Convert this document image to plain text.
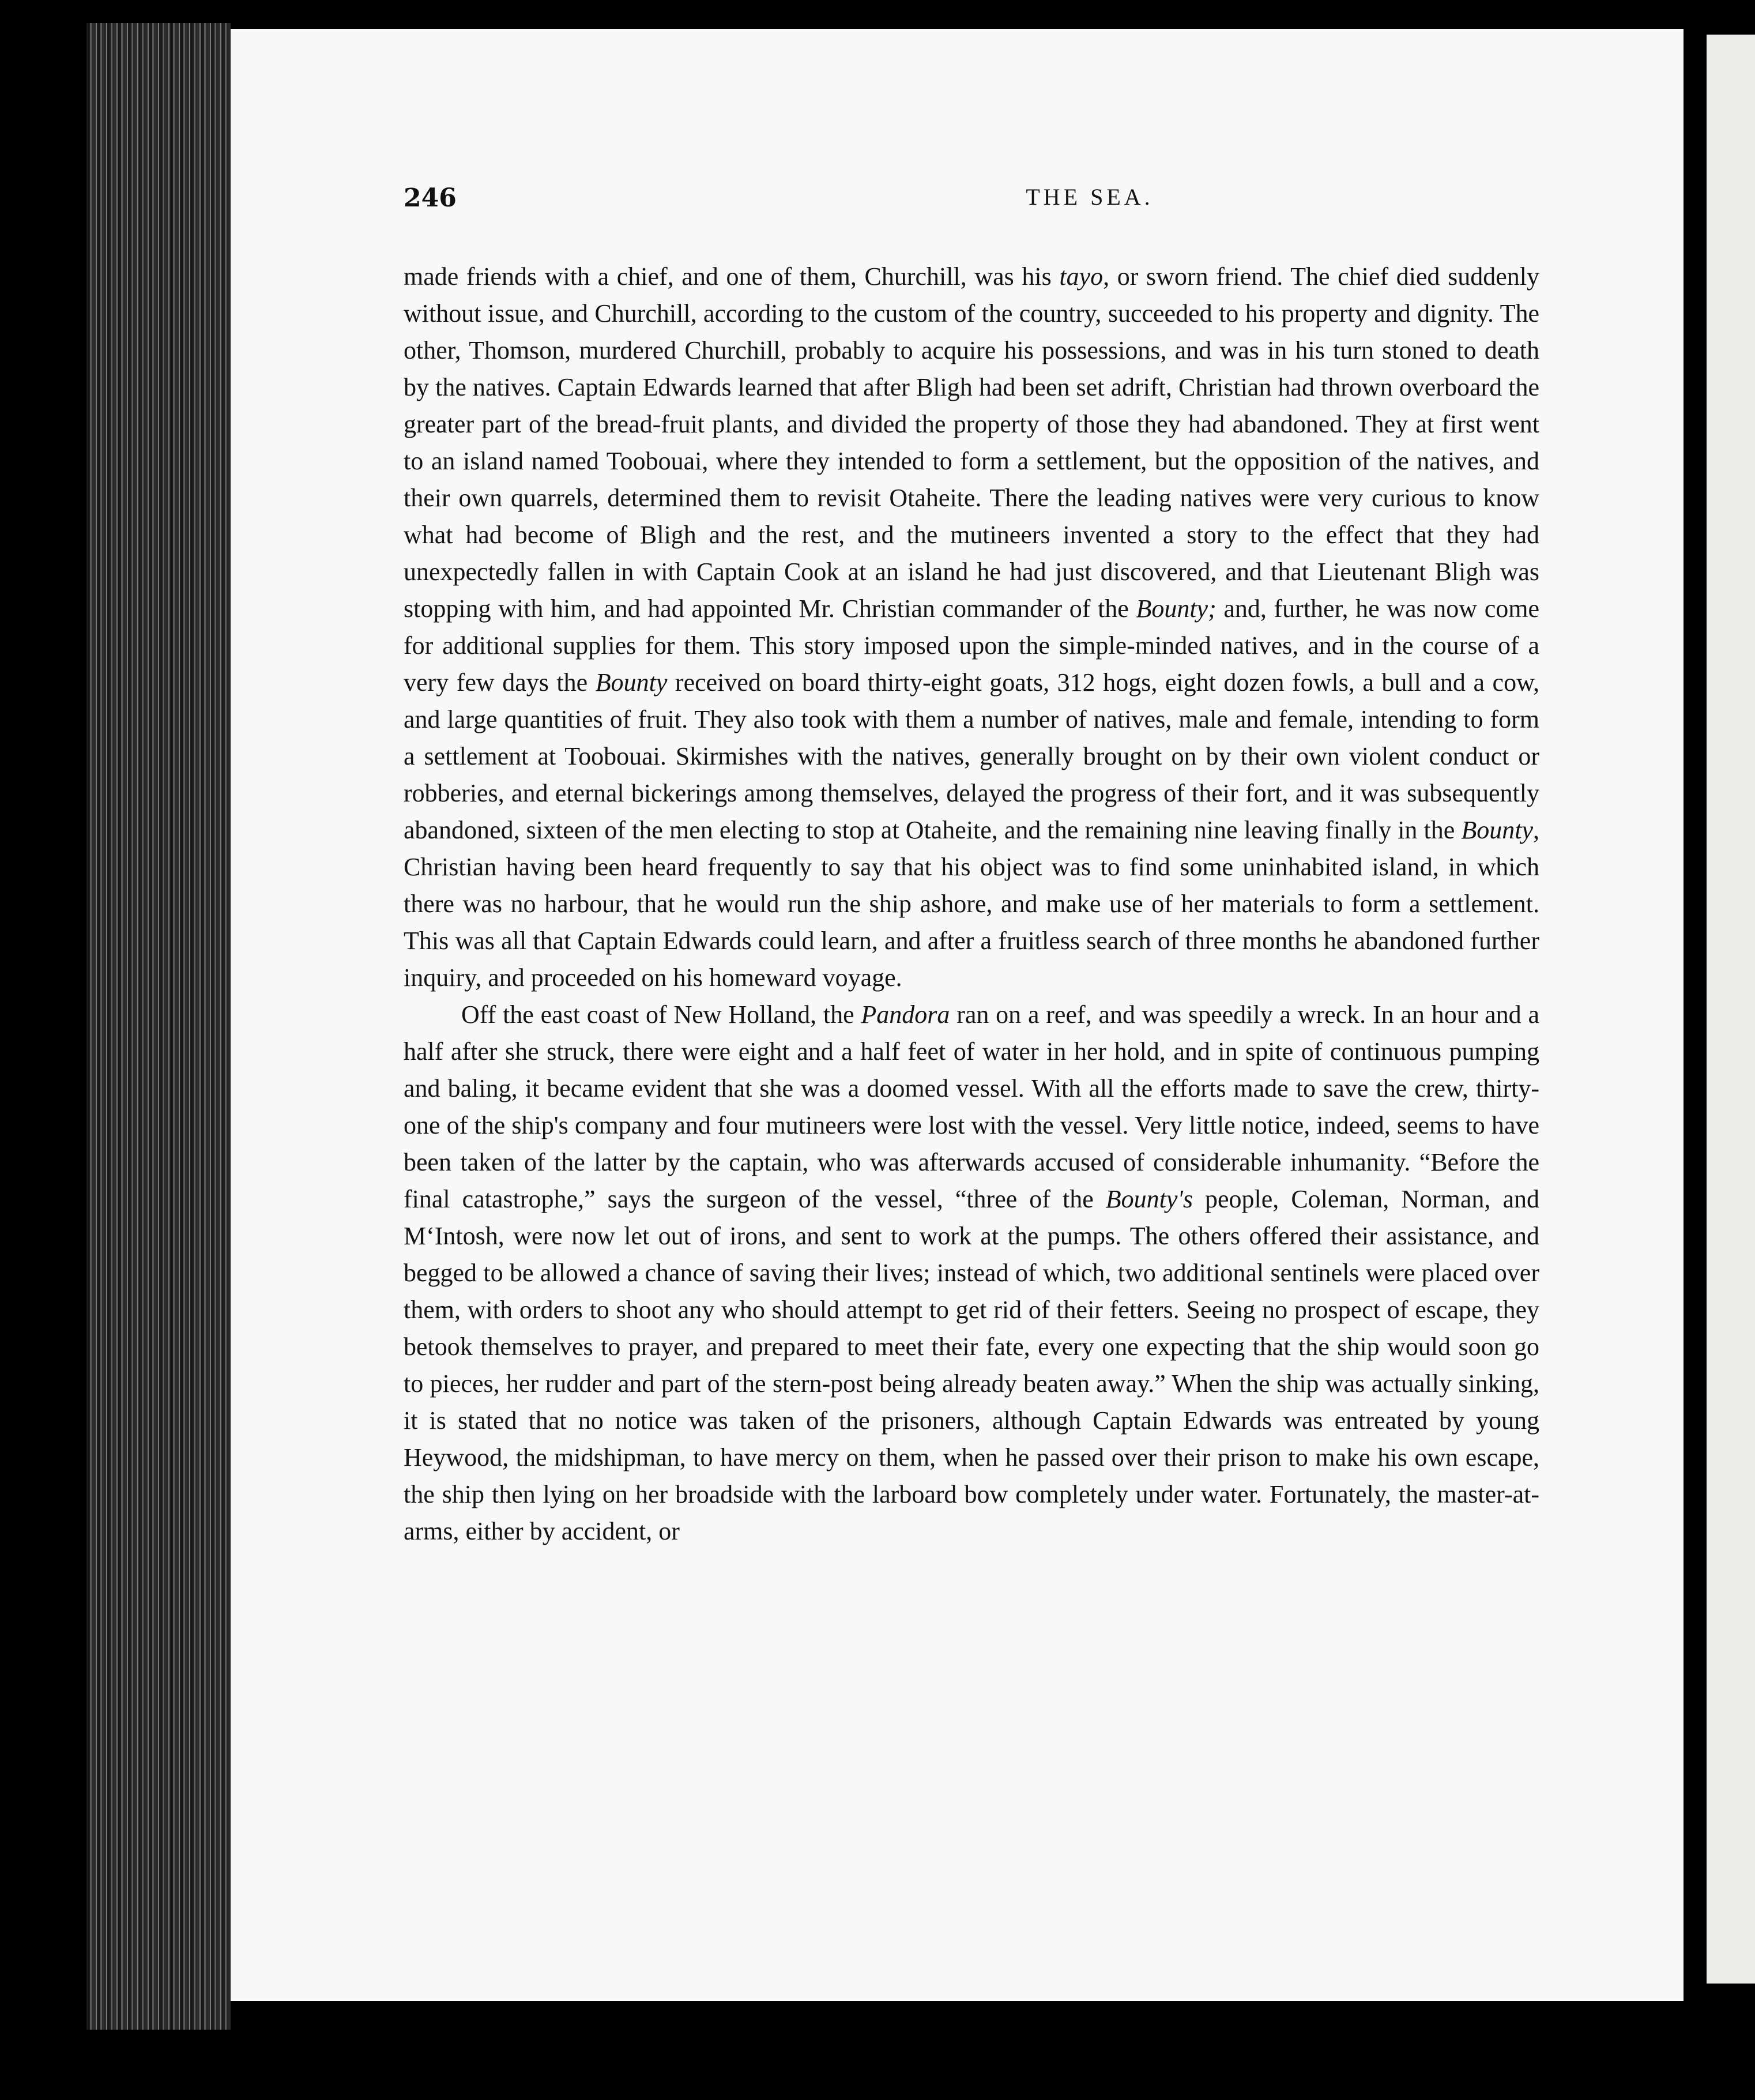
246	THE SEA.

made friends with a chief, and one of them, Churchill, was his tayo, or sworn friend. The chief died suddenly without issue, and Churchill, according to the custom of the country, succeeded to his property and dignity. The other, Thomson, murdered Churchill, probably to acquire his possessions, and was in his turn stoned to death by the natives. Captain Edwards learned that after Bligh had been set adrift, Christian had thrown overboard the greater part of the bread-fruit plants, and divided the property of those they had abandoned. They at first went to an island named Toobouai, where they intended to form a settlement, but the opposition of the natives, and their own quarrels, determined them to revisit Otaheite. There the leading natives were very curious to know what had become of Bligh and the rest, and the mutineers invented a story to the effect that they had unexpectedly fallen in with Captain Cook at an island he had just discovered, and that Lieutenant Bligh was stopping with him, and had appointed Mr. Christian commander of the Bounty; and, further, he was now come for additional supplies for them. This story imposed upon the simple-minded natives, and in the course of a very few days the Bounty received on board thirty-eight goats, 312 hogs, eight dozen fowls, a bull and a cow, and large quantities of fruit. They also took with them a number of natives, male and female, intending to form a settlement at Toobouai. Skirmishes with the natives, generally brought on by their own violent conduct or robberies, and eternal bickerings among themselves, delayed the progress of their fort, and it was subsequently abandoned, sixteen of the men electing to stop at Otaheite, and the remaining nine leaving finally in the Bounty, Christian having been heard frequently to say that his object was to find some uninhabited island, in which there was no harbour, that he would run the ship ashore, and make use of her materials to form a settlement. This was all that Captain Edwards could learn, and after a fruitless search of three months he abandoned further inquiry, and proceeded on his homeward voyage.

Off the east coast of New Holland, the Pandora ran on a reef, and was speedily a wreck. In an hour and a half after she struck, there were eight and a half feet of water in her hold, and in spite of continuous pumping and baling, it became evident that she was a doomed vessel. With all the efforts made to save the crew, thirty-one of the ship's company and four mutineers were lost with the vessel. Very little notice, indeed, seems to have been taken of the latter by the captain, who was afterwards accused of considerable inhumanity. “Before the final catastrophe,” says the surgeon of the vessel, “three of the Bounty's people, Coleman, Norman, and M‘Intosh, were now let out of irons, and sent to work at the pumps. The others offered their assistance, and begged to be allowed a chance of saving their lives; instead of which, two additional sentinels were placed over them, with orders to shoot any who should attempt to get rid of their fetters. Seeing no prospect of escape, they betook themselves to prayer, and prepared to meet their fate, every one expecting that the ship would soon go to pieces, her rudder and part of the stern-post being already beaten away.” When the ship was actually sinking, it is stated that no notice was taken of the prisoners, although Captain Edwards was entreated by young Heywood, the midshipman, to have mercy on them, when he passed over their prison to make his own escape, the ship then lying on her broadside with the larboard bow completely under water. Fortunately, the master-at-arms, either by accident, or
